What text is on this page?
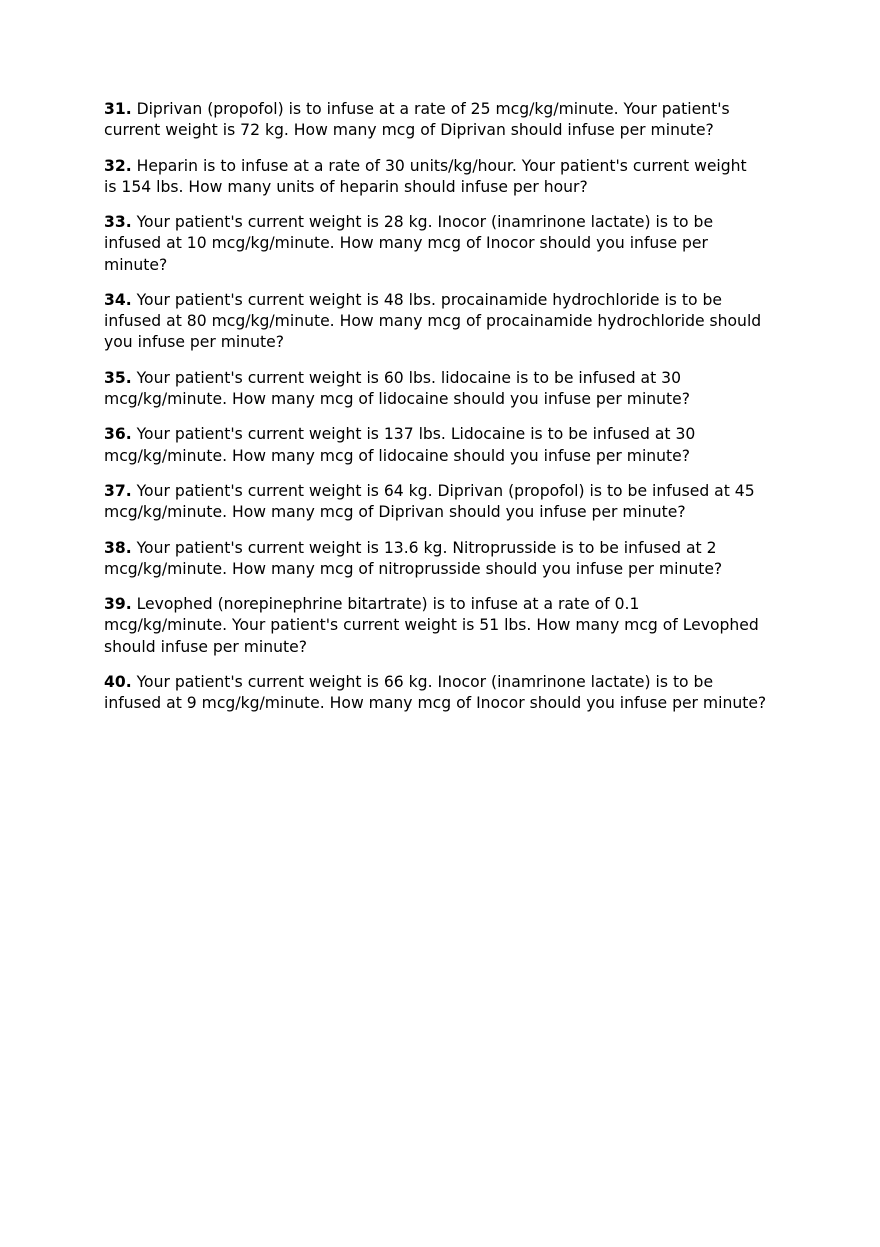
31. Diprivan (propofol) is to infuse at a rate of 25 mcg/kg/minute. Your patient's
current weight is 72 kg. How many mcg of Diprivan should infuse per minute?

32. Heparin is to infuse at a rate of 30 units/kg/hour. Your patient's current weight
is 154 lbs. How many units of heparin should infuse per hour?

33. Your patient's current weight is 28 kg. Inocor (inamrinone lactate) is to be
infused at 10 mcg/kg/minute. How many mcg of Inocor should you infuse per
minute?

34. Your patient's current weight is 48 lbs. procainamide hydrochloride is to be
infused at 80 mcg/kg/minute. How many mcg of procainamide hydrochloride should
you infuse per minute?

35. Your patient's current weight is 60 lbs. lidocaine is to be infused at 30
mcg/kg/minute. How many mcg of lidocaine should you infuse per minute?

36. Your patient's current weight is 137 lbs. Lidocaine is to be infused at 30
mcg/kg/minute. How many mcg of lidocaine should you infuse per minute?

37. Your patient's current weight is 64 kg. Diprivan (propofol) is to be infused at 45
mcg/kg/minute. How many mcg of Diprivan should you infuse per minute?

38. Your patient's current weight is 13.6 kg. Nitroprusside is to be infused at 2
mcg/kg/minute. How many mcg of nitroprusside should you infuse per minute?

39. Levophed (norepinephrine bitartrate) is to infuse at a rate of 0.1
mcg/kg/minute. Your patient's current weight is 51 lbs. How many mcg of Levophed
should infuse per minute?

40. Your patient's current weight is 66 kg. Inocor (inamrinone lactate) is to be
infused at 9 mcg/kg/minute. How many mcg of Inocor should you infuse per minute?
